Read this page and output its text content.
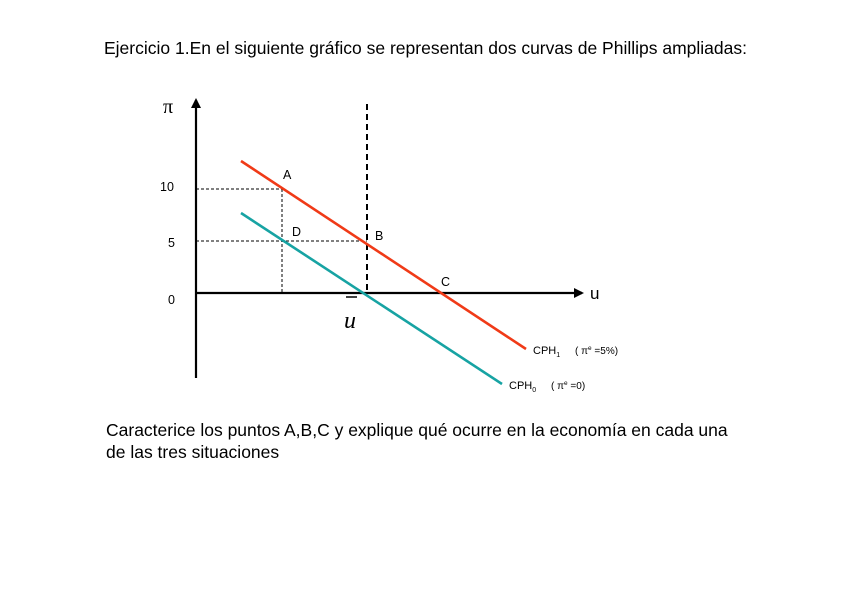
Ejercicio 1.En el siguiente gráfico se representan dos curvas de Phillips ampliadas:
π
u
u
10
5
0
A
B
C
D
$CPH_1$ ( $\pi^e =5\%$)
$CPH_0$ ( $\pi^e =0$)
Caracterice los puntos A,B,C y explique qué ocurre en la economía en cada una
de las tres situaciones
